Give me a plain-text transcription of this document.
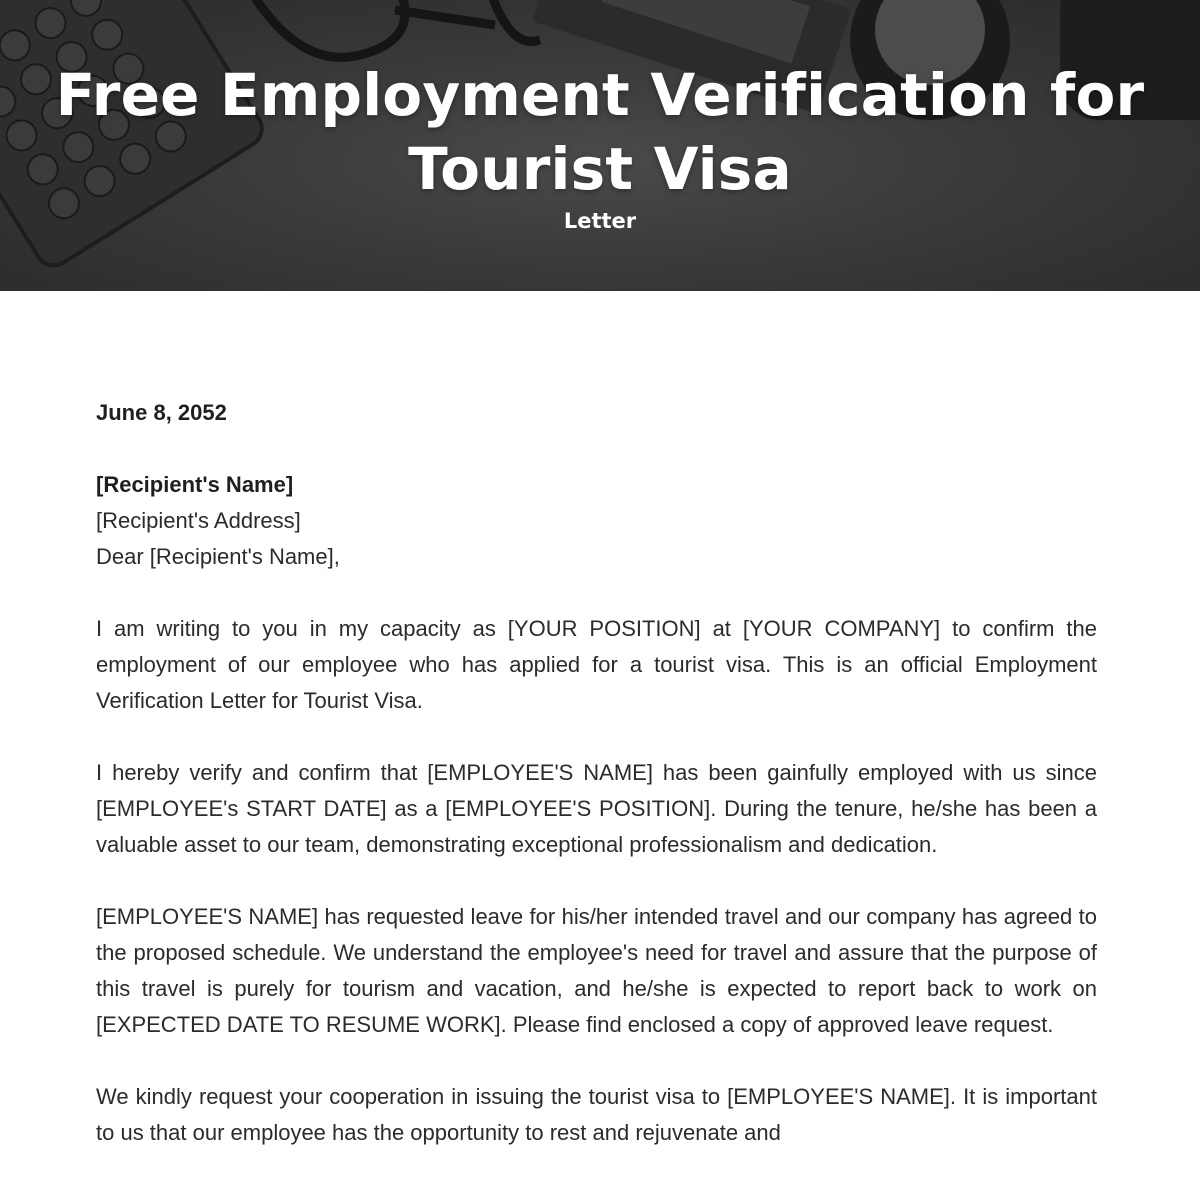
Free Employment Verification for
Tourist Visa
Letter

June 8, 2052

[Recipient's Name]

[Recipient's Address]

Dear [Recipient's Name],

I am writing to you in my capacity as [YOUR POSITION] at [YOUR COMPANY] to confirm the employment of our employee who has applied for a tourist visa. This is an official Employment Verification Letter for Tourist Visa.

I hereby verify and confirm that [EMPLOYEE'S NAME] has been gainfully employed with us since [EMPLOYEE's START DATE] as a [EMPLOYEE'S POSITION]. During the tenure, he/she has been a valuable asset to our team, demonstrating exceptional professionalism and dedication.

[EMPLOYEE'S NAME] has requested leave for his/her intended travel and our company has agreed to the proposed schedule. We understand the employee's need for travel and assure that the purpose of this travel is purely for tourism and vacation, and he/she is expected to report back to work on [EXPECTED DATE TO RESUME WORK]. Please find enclosed a copy of approved leave request.

We kindly request your cooperation in issuing the tourist visa to [EMPLOYEE'S NAME]. It is important to us that our employee has the opportunity to rest and rejuvenate and
